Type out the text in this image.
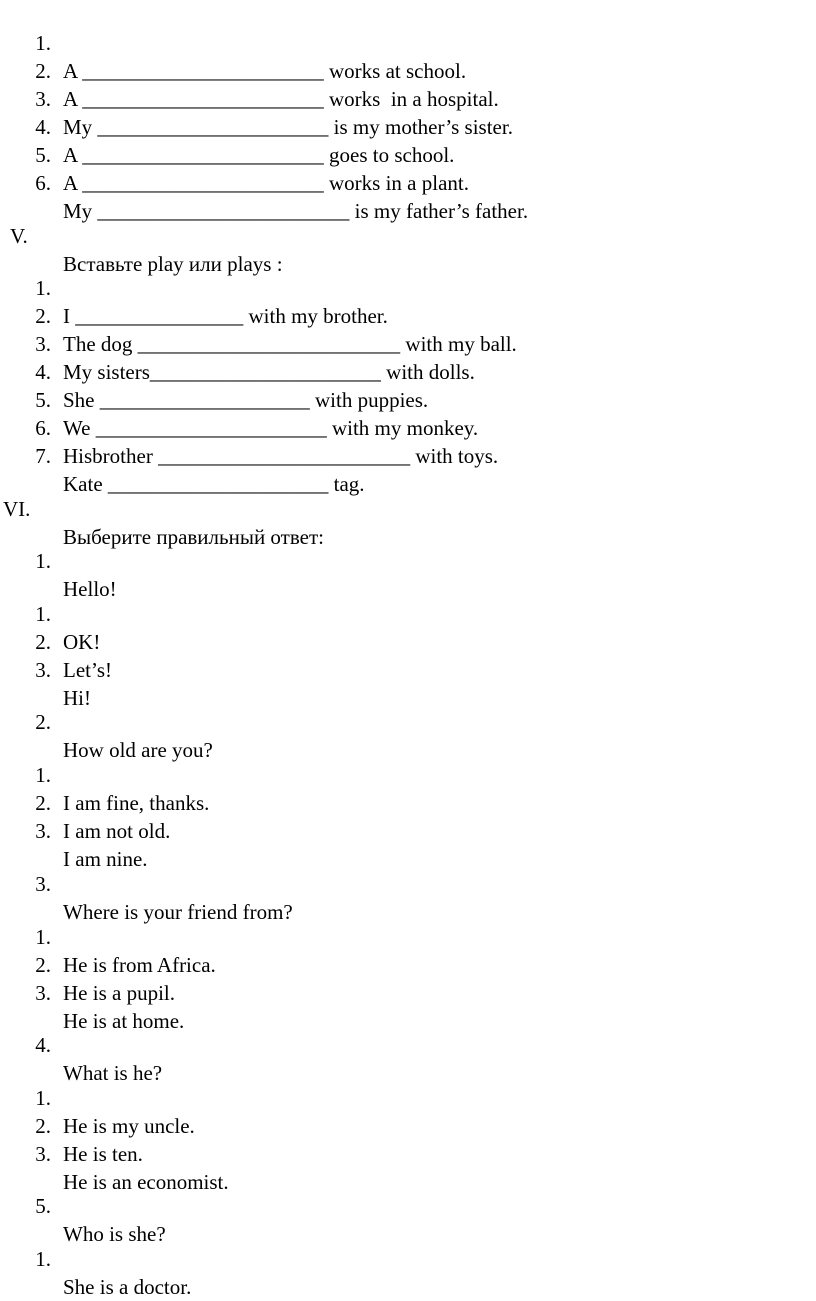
1.

A _______________________ works at school.

2.

A _______________________ works  in a hospital.

3.

My ______________________ is my mother’s sister.

4.

A _______________________ goes to school.

5.

A _______________________ works in a plant.

6.

My ________________________ is my father’s father.

V.

Вставьте play или plays :

1.

I ________________ with my brother.

2.

The dog _________________________ with my ball.

3.

My sisters______________________ with dolls.

4.

She ____________________ with puppies.

5.

We ______________________ with my monkey.

6.

Hisbrother ________________________ with toys.

7.

Kate _____________________ tag.

VI.

Выберите правильный ответ:

1.

Hello!

1.

OK!

2.

Let’s!

3.

Hi!

2.

How old are you?

1.

I am fine, thanks.

2.

I am not old.

3.

I am nine.

3.

Where is your friend from?

1.

He is from Africa.

2.

He is a pupil.

3.

He is at home.

4.

What is he?

1.

He is my uncle.

2.

He is ten.

3.

He is an economist.

5.

Who is she?

1.

She is a doctor.
